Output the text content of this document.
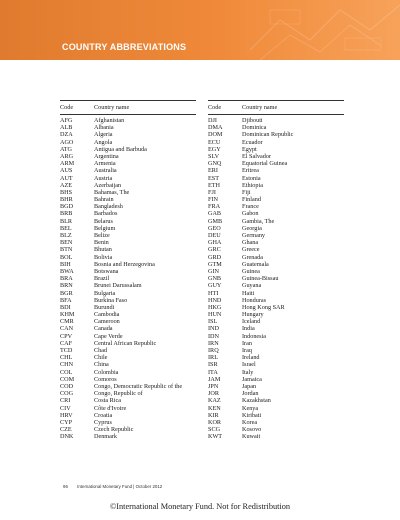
COUNTRY ABBREVIATIONS
Code	Country name
AFG	Afghanistan
ALB	Albania
DZA	Algeria
AGO	Angola
ATG	Antigua and Barbuda
ARG	Argentina
ARM	Armenia
AUS	Australia
AUT	Austria
AZE	Azerbaijan
BHS	Bahamas, The
BHR	Bahrain
BGD	Bangladesh
BRB	Barbados
BLR	Belarus
BEL	Belgium
BLZ	Belize
BEN	Benin
BTN	Bhutan
BOL	Bolivia
BIH	Bosnia and Herzegovina
BWA	Botswana
BRA	Brazil
BRN	Brunei Darussalam
BGR	Bulgaria
BFA	Burkina Faso
BDI	Burundi
KHM	Cambodia
CMR	Cameroon
CAN	Canada
CPV	Cape Verde
CAF	Central African Republic
TCD	Chad
CHL	Chile
CHN	China
COL	Colombia
COM	Comoros
COD	Congo, Democratic Republic of the
COG	Congo, Republic of
CRI	Costa Rica
CIV	Côte d'Ivoire
HRV	Croatia
CYP	Cyprus
CZE	Czech Republic
DNK	Denmark
Code	Country name
DJI	Djibouti
DMA	Dominica
DOM	Dominican Republic
ECU	Ecuador
EGY	Egypt
SLV	El Salvador
GNQ	Equatorial Guinea
ERI	Eritrea
EST	Estonia
ETH	Ethiopia
FJI	Fiji
FIN	Finland
FRA	France
GAB	Gabon
GMB	Gambia, The
GEO	Georgia
DEU	Germany
GHA	Ghana
GRC	Greece
GRD	Grenada
GTM	Guatemala
GIN	Guinea
GNB	Guinea-Bissau
GUY	Guyana
HTI	Haiti
HND	Honduras
HKG	Hong Kong SAR
HUN	Hungary
ISL	Iceland
IND	India
IDN	Indonesia
IRN	Iran
IRQ	Iraq
IRL	Ireland
ISR	Israel
ITA	Italy
JAM	Jamaica
JPN	Japan
JOR	Jordan
KAZ	Kazakhstan
KEN	Kenya
KIR	Kiribati
KOR	Korea
SCG	Kosovo
KWT	Kuwait
96 International Monetary Fund | October 2012
©International Monetary Fund. Not for Redistribution
